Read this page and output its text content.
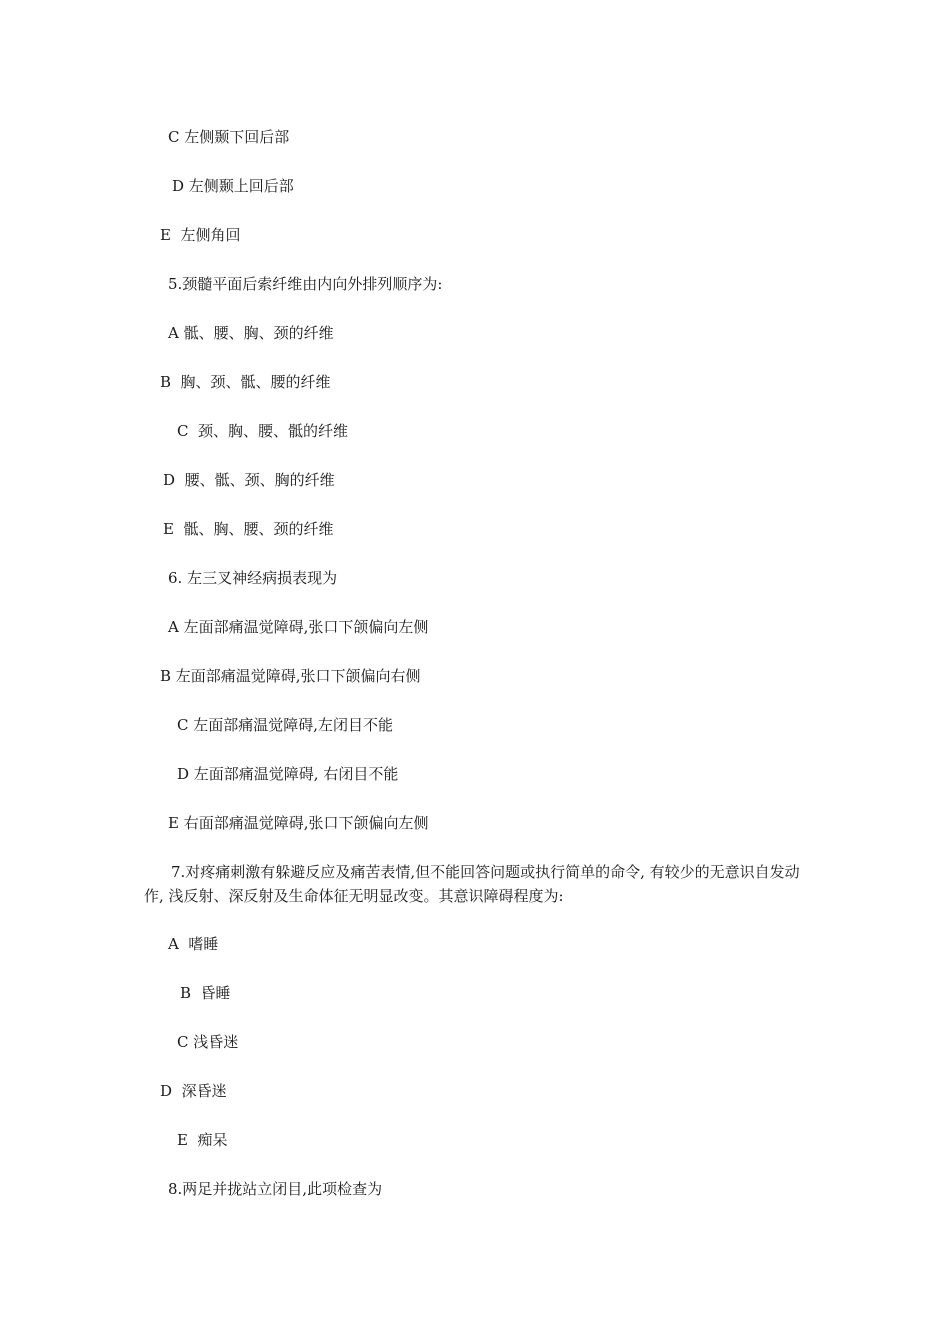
C 左侧颞下回后部
D 左侧颞上回后部
E  左侧角回
5.颈髓平面后索纤维由内向外排列顺序为:
A 骶、腰、胸、颈的纤维
B  胸、颈、骶、腰的纤维
C  颈、胸、腰、骶的纤维
D  腰、骶、颈、胸的纤维
E  骶、胸、腰、颈的纤维
6. 左三叉神经病损表现为
A 左面部痛温觉障碍,张口下颌偏向左侧
B 左面部痛温觉障碍,张口下颌偏向右侧
C 左面部痛温觉障碍,左闭目不能
D 左面部痛温觉障碍, 右闭目不能
E 右面部痛温觉障碍,张口下颌偏向左侧
7.对疼痛刺激有躲避反应及痛苦表情,但不能回答问题或执行简单的命令, 有较少的无意识自发动作, 浅反射、深反射及生命体征无明显改变。其意识障碍程度为:
A  嗜睡
B  昏睡
C 浅昏迷
D  深昏迷
E  痴呆
8.两足并拢站立闭目,此项检查为
